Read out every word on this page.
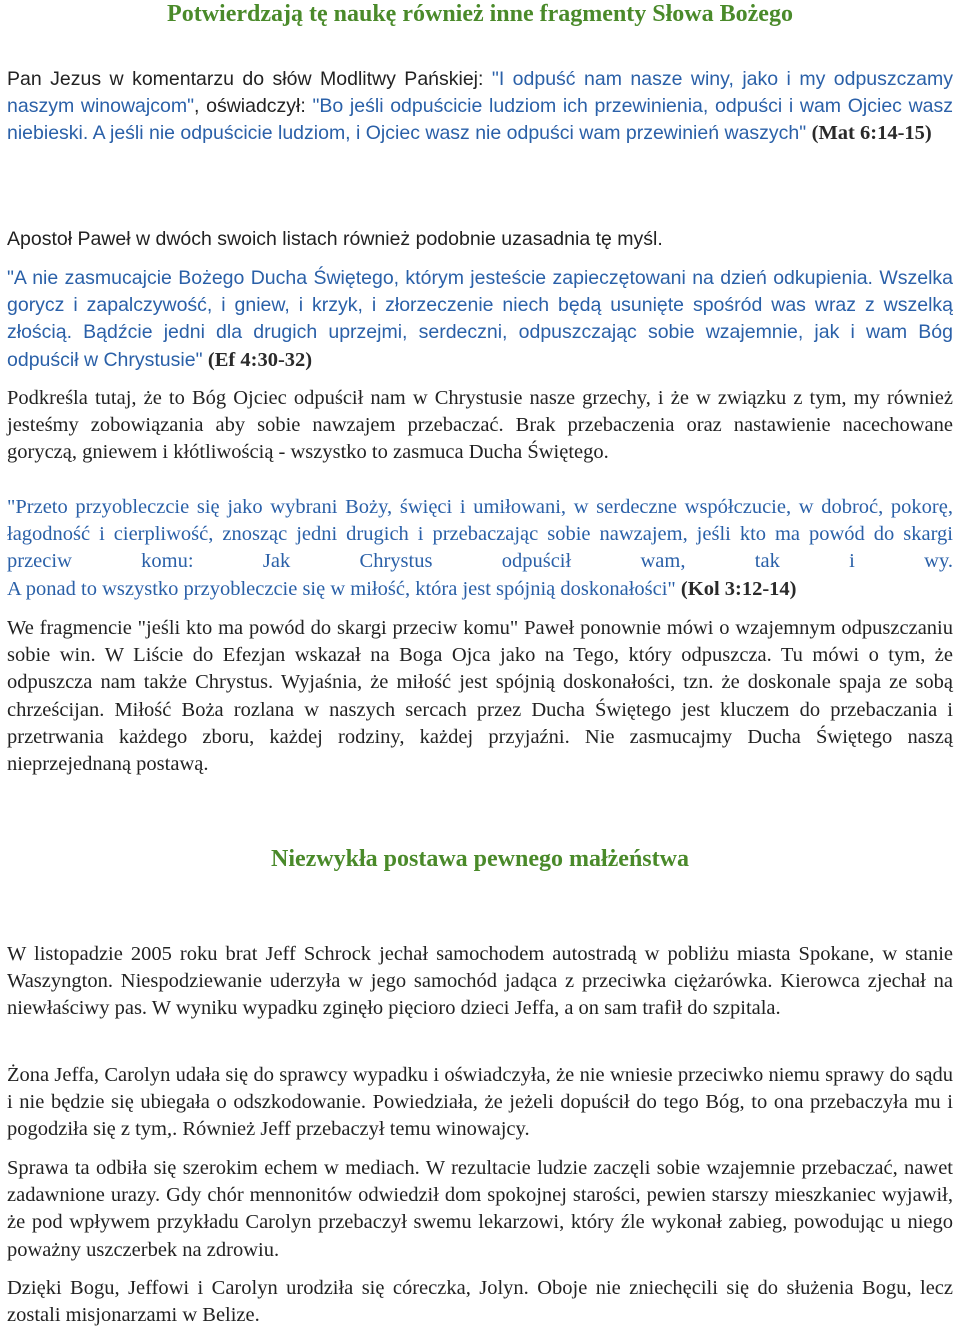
Potwierdzają tę naukę również inne fragmenty Słowa Bożego

Pan Jezus w komentarzu do słów Modlitwy Pańskiej: "I odpuść nam nasze winy, jako i my odpuszczamy naszym winowajcom", oświadczył: "Bo jeśli odpuścicie ludziom ich przewinienia, odpuści i wam Ojciec wasz niebieski. A jeśli nie odpuścicie ludziom, i Ojciec wasz nie odpuści wam przewinień waszych" (Mat 6:14-15)

Apostoł Paweł w dwóch swoich listach również podobnie uzasadnia tę myśl.

"A nie zasmucajcie Bożego Ducha Świętego, którym jesteście zapieczętowani na dzień odkupienia. Wszelka gorycz i zapalczywość, i gniew, i krzyk, i złorzeczenie niech będą usunięte spośród was wraz z wszelką złością. Bądźcie jedni dla drugich uprzejmi, serdeczni, odpuszczając sobie wzajemnie, jak i wam Bóg odpuścił w Chrystusie" (Ef 4:30-32)

Podkreśla tutaj, że to Bóg Ojciec odpuścił nam w Chrystusie nasze grzechy, i że w związku z tym, my również jesteśmy zobowiązania aby sobie nawzajem przebaczać. Brak przebaczenia oraz nastawienie nacechowane goryczą, gniewem i kłótliwością - wszystko to zasmuca Ducha Świętego.

"Przeto przyobleczcie się jako wybrani Boży, święci i umiłowani, w serdeczne współczucie, w dobroć, pokorę, łagodność i cierpliwość, znosząc jedni drugich i przebaczając sobie nawzajem, jeśli kto ma powód do skargi przeciw komu: Jak Chrystus odpuścił wam, tak i wy.
A ponad to wszystko przyobleczcie się w miłość, która jest spójnią doskonałości" (Kol 3:12-14)

We fragmencie "jeśli kto ma powód do skargi przeciw komu" Paweł ponownie mówi o wzajemnym odpuszczaniu sobie win. W Liście do Efezjan wskazał na Boga Ojca jako na Tego, który odpuszcza. Tu mówi o tym, że odpuszcza nam także Chrystus. Wyjaśnia, że miłość jest spójnią doskonałości, tzn. że doskonale spaja ze sobą chrześcijan. Miłość Boża rozlana w naszych sercach przez Ducha Świętego jest kluczem do przebaczania i przetrwania każdego zboru, każdej rodziny, każdej przyjaźni. Nie zasmucajmy Ducha Świętego naszą nieprzejednaną postawą.

Niezwykła postawa pewnego małżeństwa

W listopadzie 2005 roku brat Jeff Schrock jechał samochodem autostradą w pobliżu miasta Spokane, w stanie Waszyngton. Niespodziewanie uderzyła w jego samochód jadąca z przeciwka ciężarówka. Kierowca zjechał na niewłaściwy pas. W wyniku wypadku zginęło pięcioro dzieci Jeffa, a on sam trafił do szpitala.

Żona Jeffa, Carolyn udała się do sprawcy wypadku i oświadczyła, że nie wniesie przeciwko niemu sprawy do sądu i nie będzie się ubiegała o odszkodowanie. Powiedziała, że jeżeli dopuścił do tego Bóg, to ona przebaczyła mu i pogodziła się z tym,. Również Jeff przebaczył temu winowajcy.

Sprawa ta odbiła się szerokim echem w mediach. W rezultacie ludzie zaczęli sobie wzajemnie przebaczać, nawet zadawnione urazy. Gdy chór mennonitów odwiedził dom spokojnej starości, pewien starszy mieszkaniec wyjawił, że pod wpływem przykładu Carolyn przebaczył swemu lekarzowi, który źle wykonał zabieg, powodując u niego poważny uszczerbek na zdrowiu.

Dzięki Bogu, Jeffowi i Carolyn urodziła się córeczka, Jolyn. Oboje nie zniechęcili się do służenia Bogu, lecz zostali misjonarzami w Belize.
